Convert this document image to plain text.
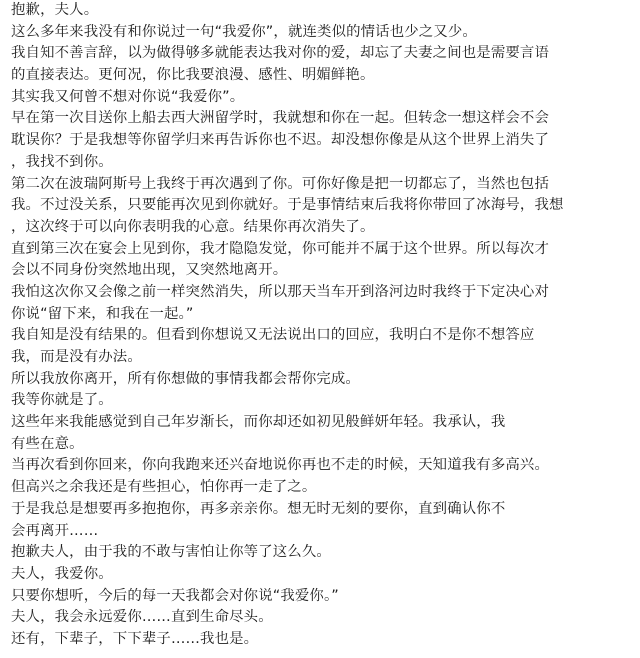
抱歉，夫人。
这么多年来我没有和你说过一句“我爱你”，就连类似的情话也少之又少。
我自知不善言辞，以为做得够多就能表达我对你的爱，却忘了夫妻之间也是需要言语
的直接表达。更何况，你比我要浪漫、感性、明媚鲜艳。
其实我又何曾不想对你说“我爱你”。
早在第一次目送你上船去西大洲留学时，我就想和你在一起。但转念一想这样会不会
耽误你？于是我想等你留学归来再告诉你也不迟。却没想你像是从这个世界上消失了
，我找不到你。
第二次在波瑞阿斯号上我终于再次遇到了你。可你好像是把一切都忘了，当然也包括
我。不过没关系，只要能再次见到你就好。于是事情结束后我将你带回了冰海号，我想
，这次终于可以向你表明我的心意。结果你再次消失了。
直到第三次在宴会上见到你，我才隐隐发觉，你可能并不属于这个世界。所以每次才
会以不同身份突然地出现，又突然地离开。
我怕这次你又会像之前一样突然消失，所以那天当车开到洛河边时我终于下定决心对
你说“留下来，和我在一起。”
我自知是没有结果的。但看到你想说又无法说出口的回应，我明白不是你不想答应
我，而是没有办法。
所以我放你离开，所有你想做的事情我都会帮你完成。
我等你就是了。
这些年来我能感觉到自己年岁渐长，而你却还如初见般鲜妍年轻。我承认，我
有些在意。
当再次看到你回来，你向我跑来还兴奋地说你再也不走的时候，天知道我有多高兴。
但高兴之余我还是有些担心，怕你再一走了之。
于是我总是想要再多抱抱你，再多亲亲你。想无时无刻的要你，直到确认你不
会再离开……
抱歉夫人，由于我的不敢与害怕让你等了这么久。
夫人，我爱你。
只要你想听，今后的每一天我都会对你说“我爱你。”
夫人，我会永远爱你……直到生命尽头。
还有，下辈子，下下辈子……我也是。
